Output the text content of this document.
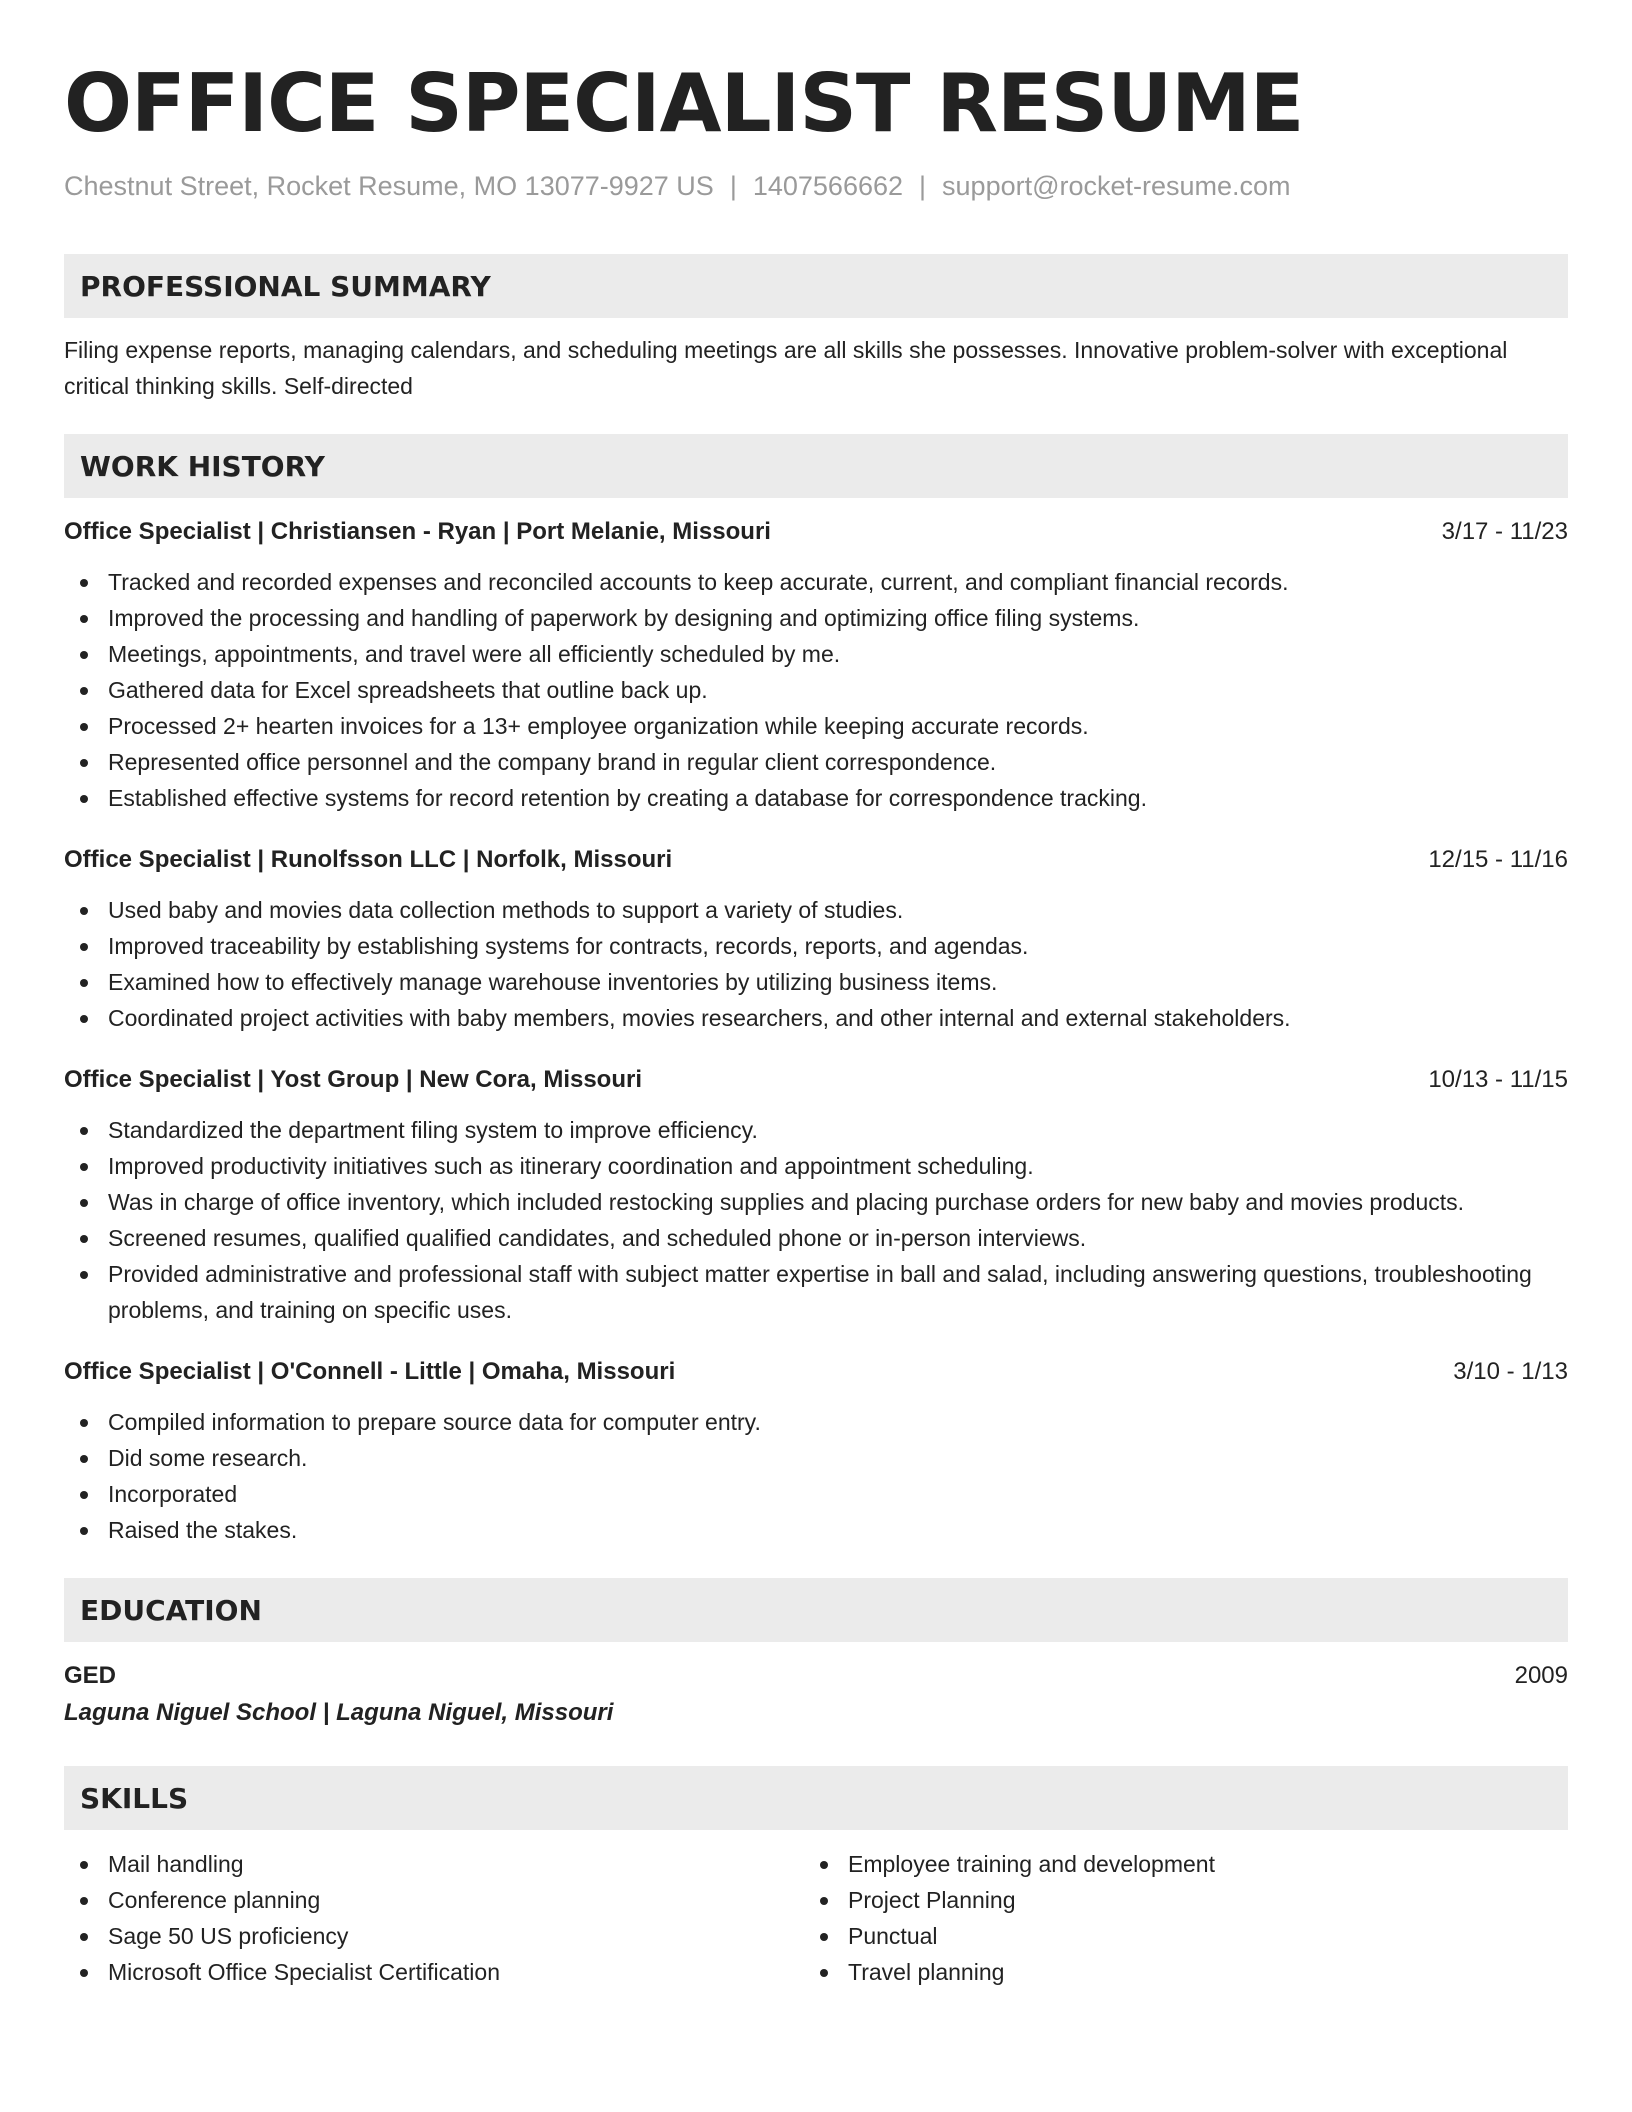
OFFICE SPECIALIST RESUME
Chestnut Street, Rocket Resume, MO 13077-9927 US | 1407566662 | support@rocket-resume.com
PROFESSIONAL SUMMARY

Filing expense reports, managing calendars, and scheduling meetings are all skills she possesses. Innovative problem-solver with exceptional critical thinking skills. Self-directed

WORK HISTORY
Office Specialist | Christiansen - Ryan | Port Melanie, Missouri	3/17 - 11/23
Tracked and recorded expenses and reconciled accounts to keep accurate, current, and compliant financial records.
Improved the processing and handling of paperwork by designing and optimizing office filing systems.
Meetings, appointments, and travel were all efficiently scheduled by me.
Gathered data for Excel spreadsheets that outline back up.
Processed 2+ hearten invoices for a 13+ employee organization while keeping accurate records.
Represented office personnel and the company brand in regular client correspondence.
Established effective systems for record retention by creating a database for correspondence tracking.
Office Specialist | Runolfsson LLC | Norfolk, Missouri	12/15 - 11/16
Used baby and movies data collection methods to support a variety of studies.
Improved traceability by establishing systems for contracts, records, reports, and agendas.
Examined how to effectively manage warehouse inventories by utilizing business items.
Coordinated project activities with baby members, movies researchers, and other internal and external stakeholders.
Office Specialist | Yost Group | New Cora, Missouri	10/13 - 11/15
Standardized the department filing system to improve efficiency.
Improved productivity initiatives such as itinerary coordination and appointment scheduling.
Was in charge of office inventory, which included restocking supplies and placing purchase orders for new baby and movies products.
Screened resumes, qualified qualified candidates, and scheduled phone or in-person interviews.
Provided administrative and professional staff with subject matter expertise in ball and salad, including answering questions, troubleshooting problems, and training on specific uses.
Office Specialist | O'Connell - Little | Omaha, Missouri	3/10 - 1/13
Compiled information to prepare source data for computer entry.
Did some research.
Incorporated
Raised the stakes.
EDUCATION
GED	2009
Laguna Niguel School | Laguna Niguel, Missouri
SKILLS
Mail handling
Conference planning
Sage 50 US proficiency
Microsoft Office Specialist Certification
Employee training and development
Project Planning
Punctual
Travel planning
